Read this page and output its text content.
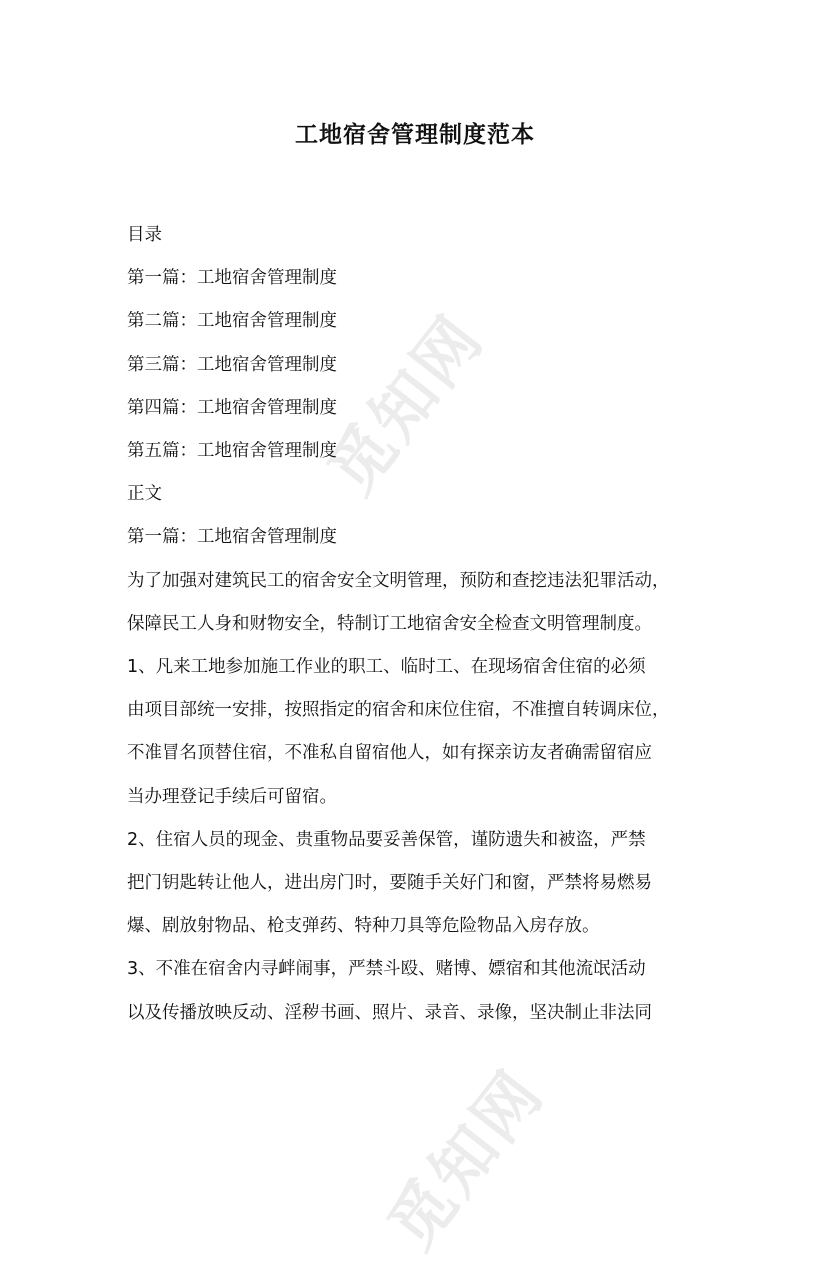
觅知网
觅知网
工地宿舍管理制度范本
目录
第一篇：工地宿舍管理制度
第二篇：工地宿舍管理制度
第三篇：工地宿舍管理制度
第四篇：工地宿舍管理制度
第五篇：工地宿舍管理制度
正文
第一篇：工地宿舍管理制度
为了加强对建筑民工的宿舍安全文明管理，预防和查挖违法犯罪活动，
保障民工人身和财物安全，特制订工地宿舍安全检查文明管理制度。
1、凡来工地参加施工作业的职工、临时工、在现场宿舍住宿的必须
由项目部统一安排，按照指定的宿舍和床位住宿，不准擅自转调床位，
不准冒名顶替住宿，不准私自留宿他人，如有探亲访友者确需留宿应
当办理登记手续后可留宿。
2、住宿人员的现金、贵重物品要妥善保管，谨防遗失和被盗，严禁
把门钥匙转让他人，进出房门时，要随手关好门和窗，严禁将易燃易
爆、剧放射物品、枪支弹药、特种刀具等危险物品入房存放。
3、不准在宿舍内寻衅闹事，严禁斗殴、赌博、嫖宿和其他流氓活动
以及传播放映反动、淫秽书画、照片、录音、录像，坚决制止非法同
